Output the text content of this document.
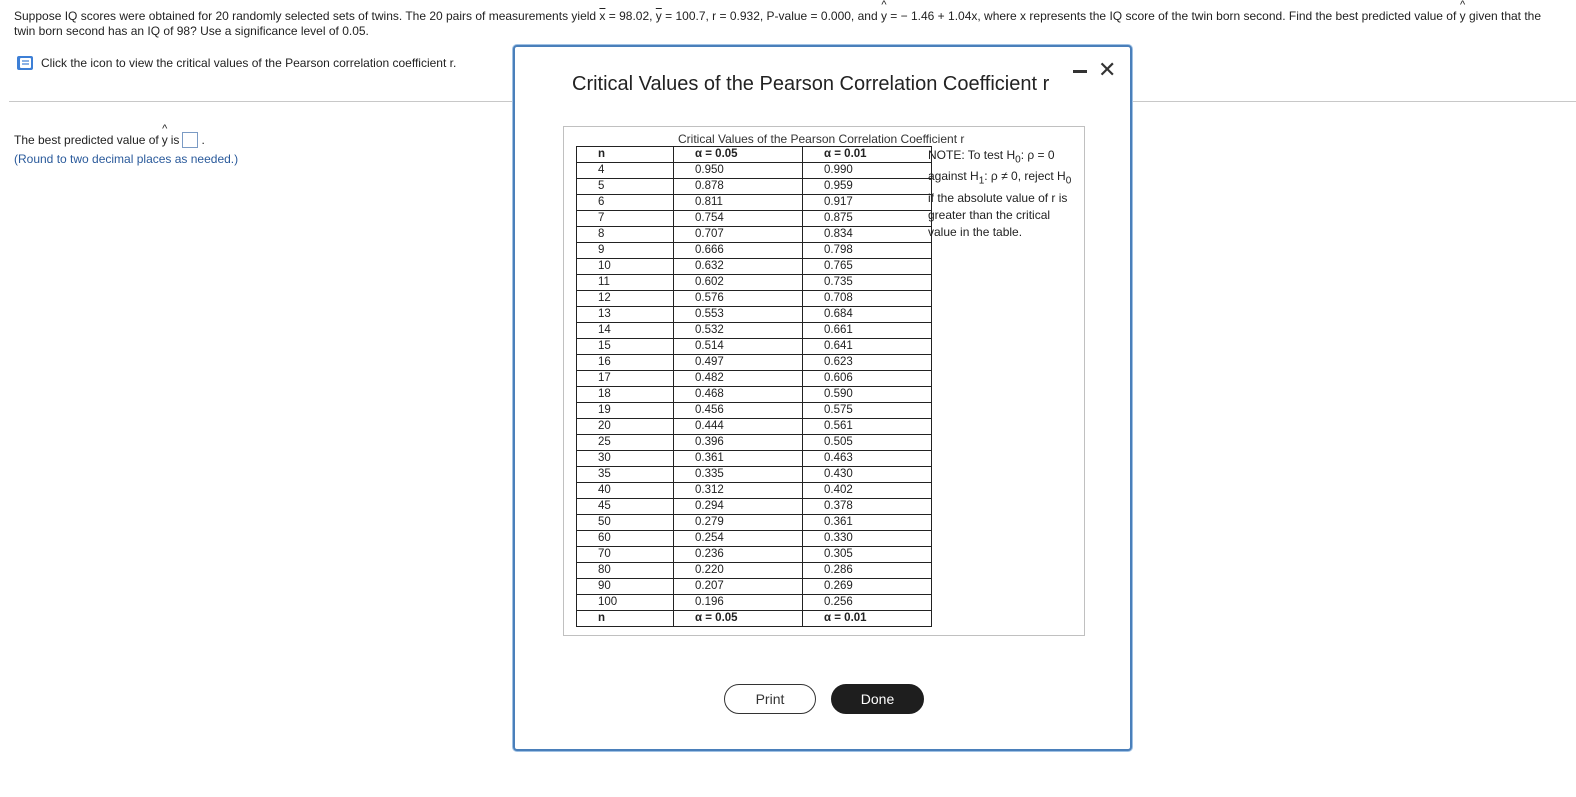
Suppose IQ scores were obtained for 20 randomly selected sets of twins. The 20 pairs of measurements yield $\overline{x} = 98.02$, $\overline{y} = 100.7$, r = 0.932, P-value = 0.000, and ^ y = − 1.46 + 1.04x, where x represents the IQ score of the twin born second. Find the best predicted value of ^ y given that the twin born second has an IQ of 98? Use a significance level of 0.05.
Click the icon to view the critical values of the Pearson correlation coefficient r.
The best predicted value of ^ y is .
(Round to two decimal places as needed.)
Critical Values of the Pearson Correlation Coefficient r
✕
Critical Values of the Pearson Correlation Coefficient r
n	α = 0.05	α = 0.01
4	0.950	0.990
5	0.878	0.959
6	0.811	0.917
7	0.754	0.875
8	0.707	0.834
9	0.666	0.798
10	0.632	0.765
11	0.602	0.735
12	0.576	0.708
13	0.553	0.684
14	0.532	0.661
15	0.514	0.641
16	0.497	0.623
17	0.482	0.606
18	0.468	0.590
19	0.456	0.575
20	0.444	0.561
25	0.396	0.505
30	0.361	0.463
35	0.335	0.430
40	0.312	0.402
45	0.294	0.378
50	0.279	0.361
60	0.254	0.330
70	0.236	0.305
80	0.220	0.286
90	0.207	0.269
100	0.196	0.256
n	α = 0.05	α = 0.01
NOTE: To test $H_0$: ρ = 0
against $H_1$: ρ ≠ 0, reject $H_0$
if the absolute value of r is
greater than the critical
value in the table.
Print	Done
